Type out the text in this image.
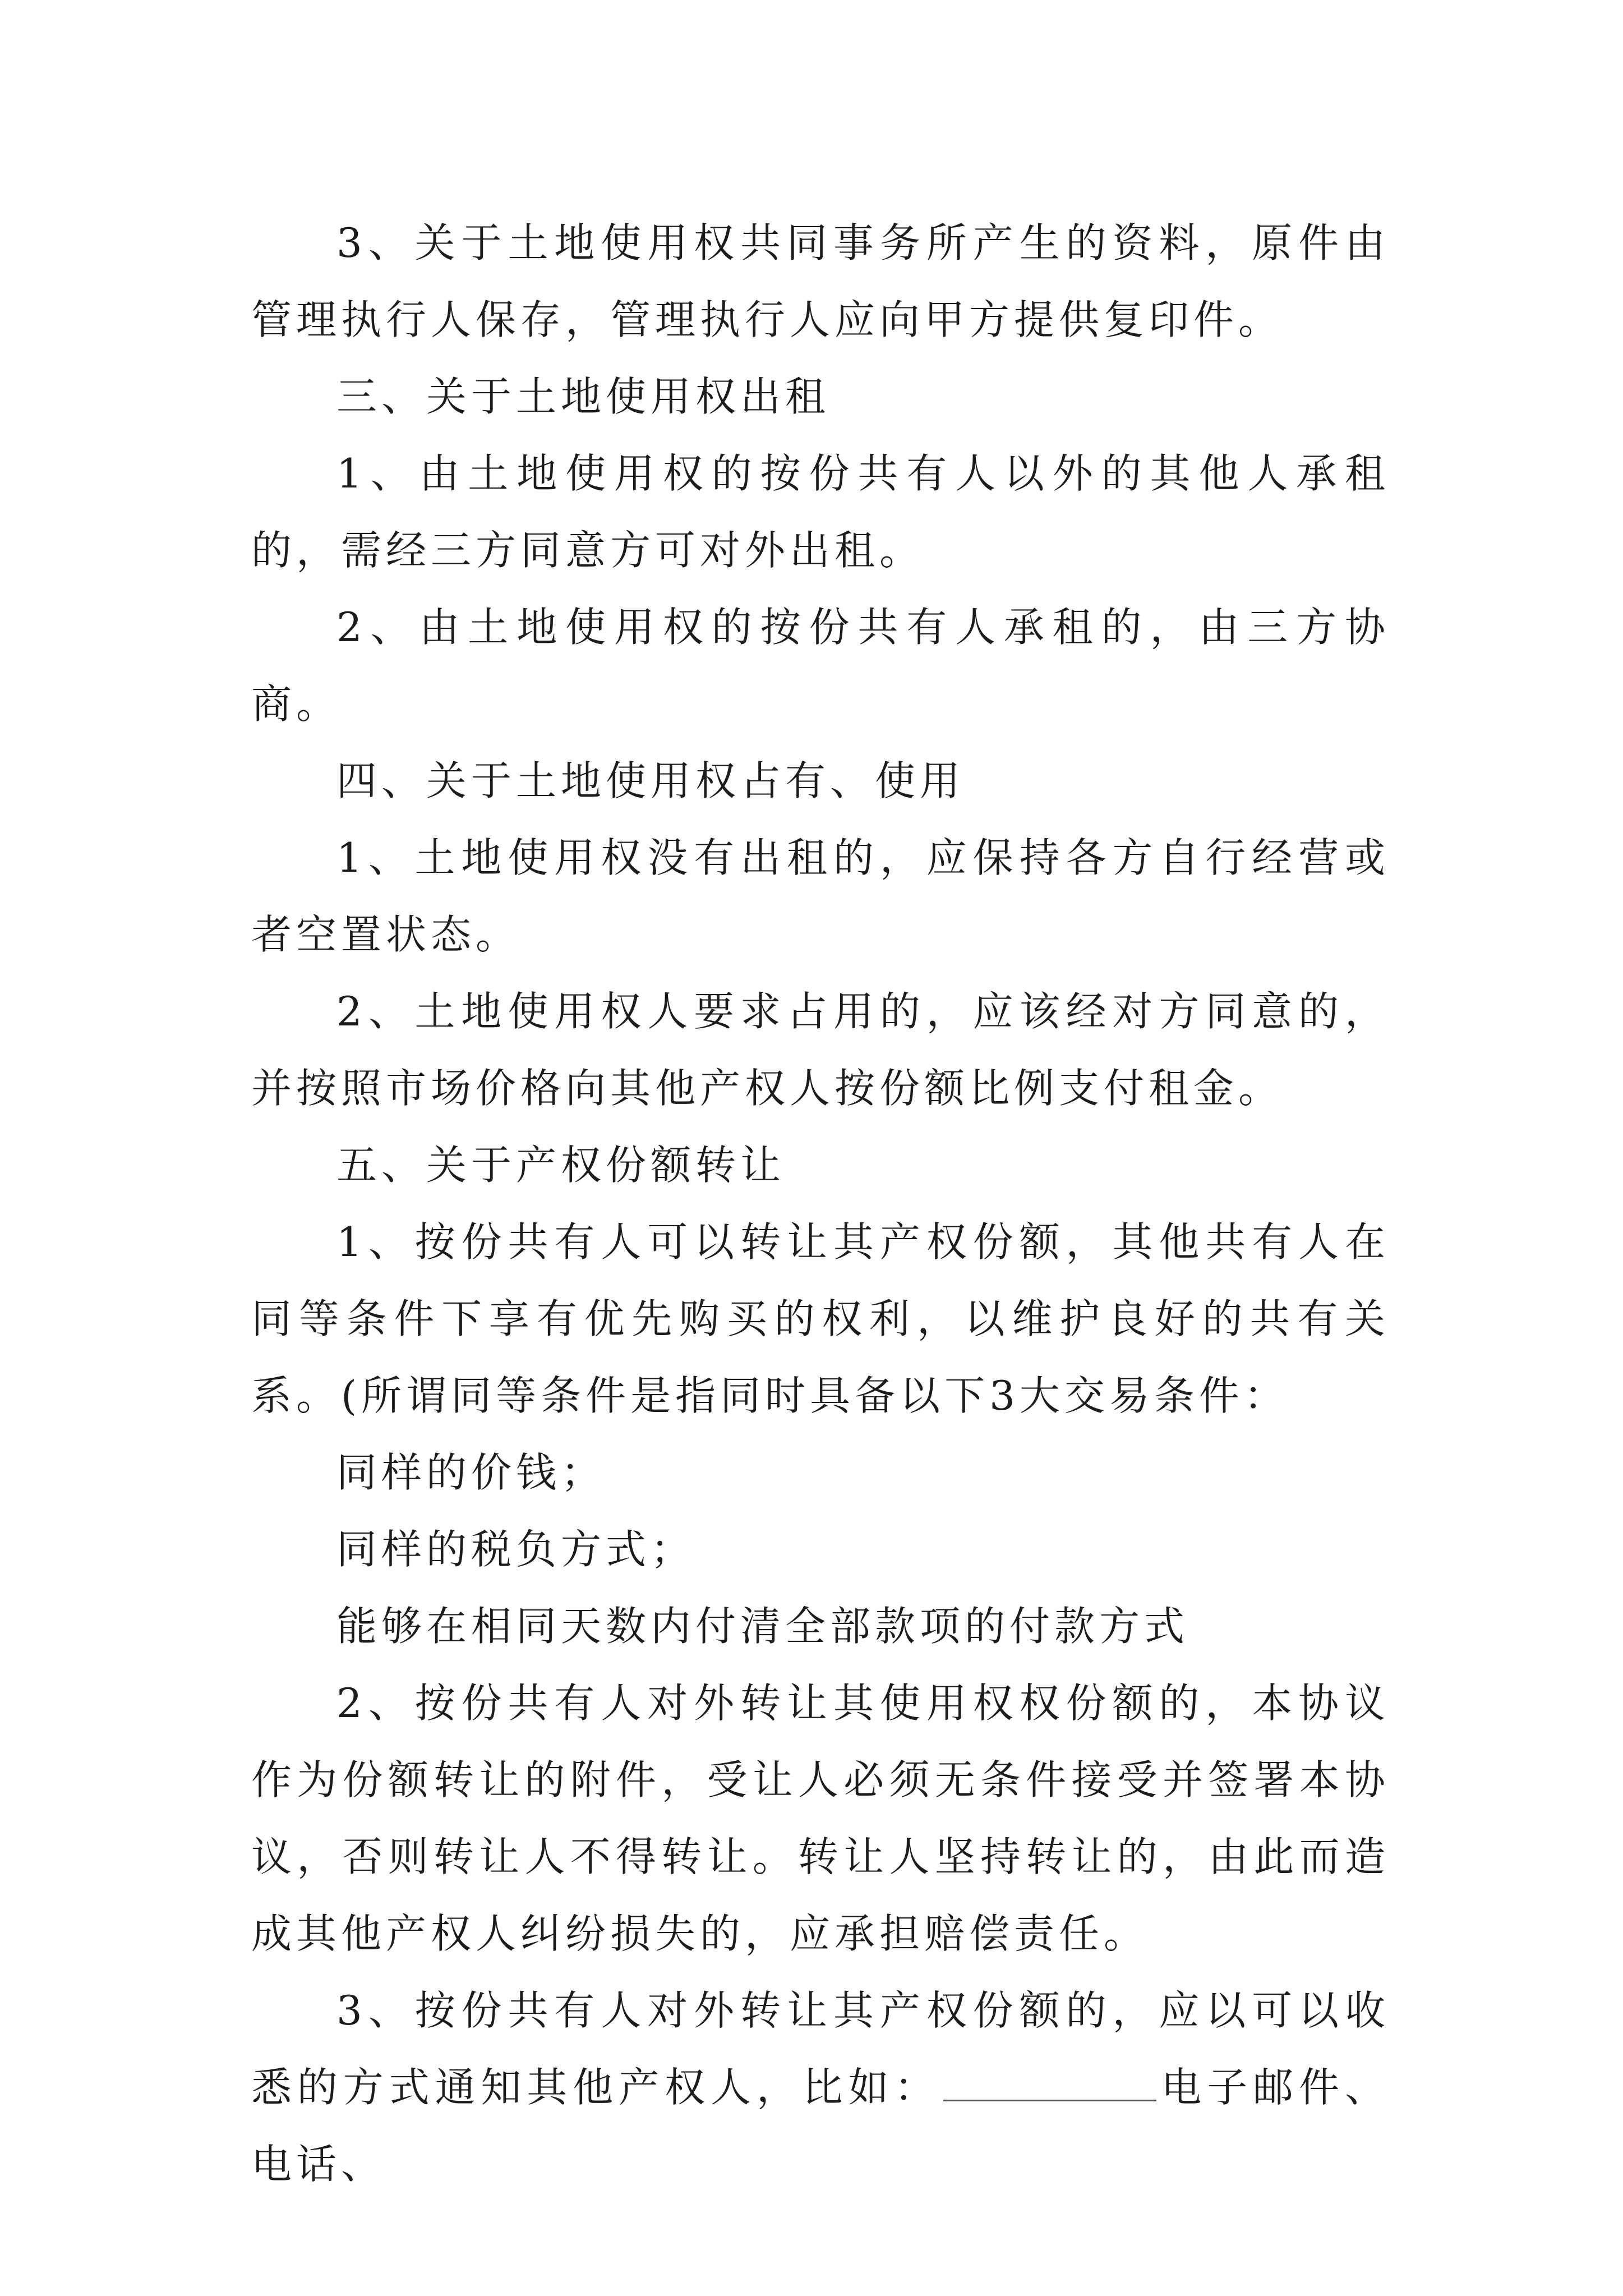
3、关于土地使用权共同事务所产生的资料，原件由管理执行人保存，管理执行人应向甲方提供复印件。

三、关于土地使用权出租

1、由土地使用权的按份共有人以外的其他人承租的，需经三方同意方可对外出租。

2、由土地使用权的按份共有人承租的，由三方协商。

四、关于土地使用权占有、使用

1、土地使用权没有出租的，应保持各方自行经营或者空置状态。

2、土地使用权人要求占用的，应该经对方同意的，并按照市场价格向其他产权人按份额比例支付租金。

五、关于产权份额转让

1、按份共有人可以转让其产权份额，其他共有人在同等条件下享有优先购买的权利，以维护良好的共有关系。(所谓同等条件是指同时具备以下3大交易条件：

同样的价钱；

同样的税负方式；

能够在相同天数内付清全部款项的付款方式

2、按份共有人对外转让其使用权权份额的，本协议作为份额转让的附件，受让人必须无条件接受并签署本协议，否则转让人不得转让。转让人坚持转让的，由此而造成其他产权人纠纷损失的，应承担赔偿责任。

3、按份共有人对外转让其产权份额的，应以可以收悉的方式通知其他产权人，比如：	电子邮件、电话、
